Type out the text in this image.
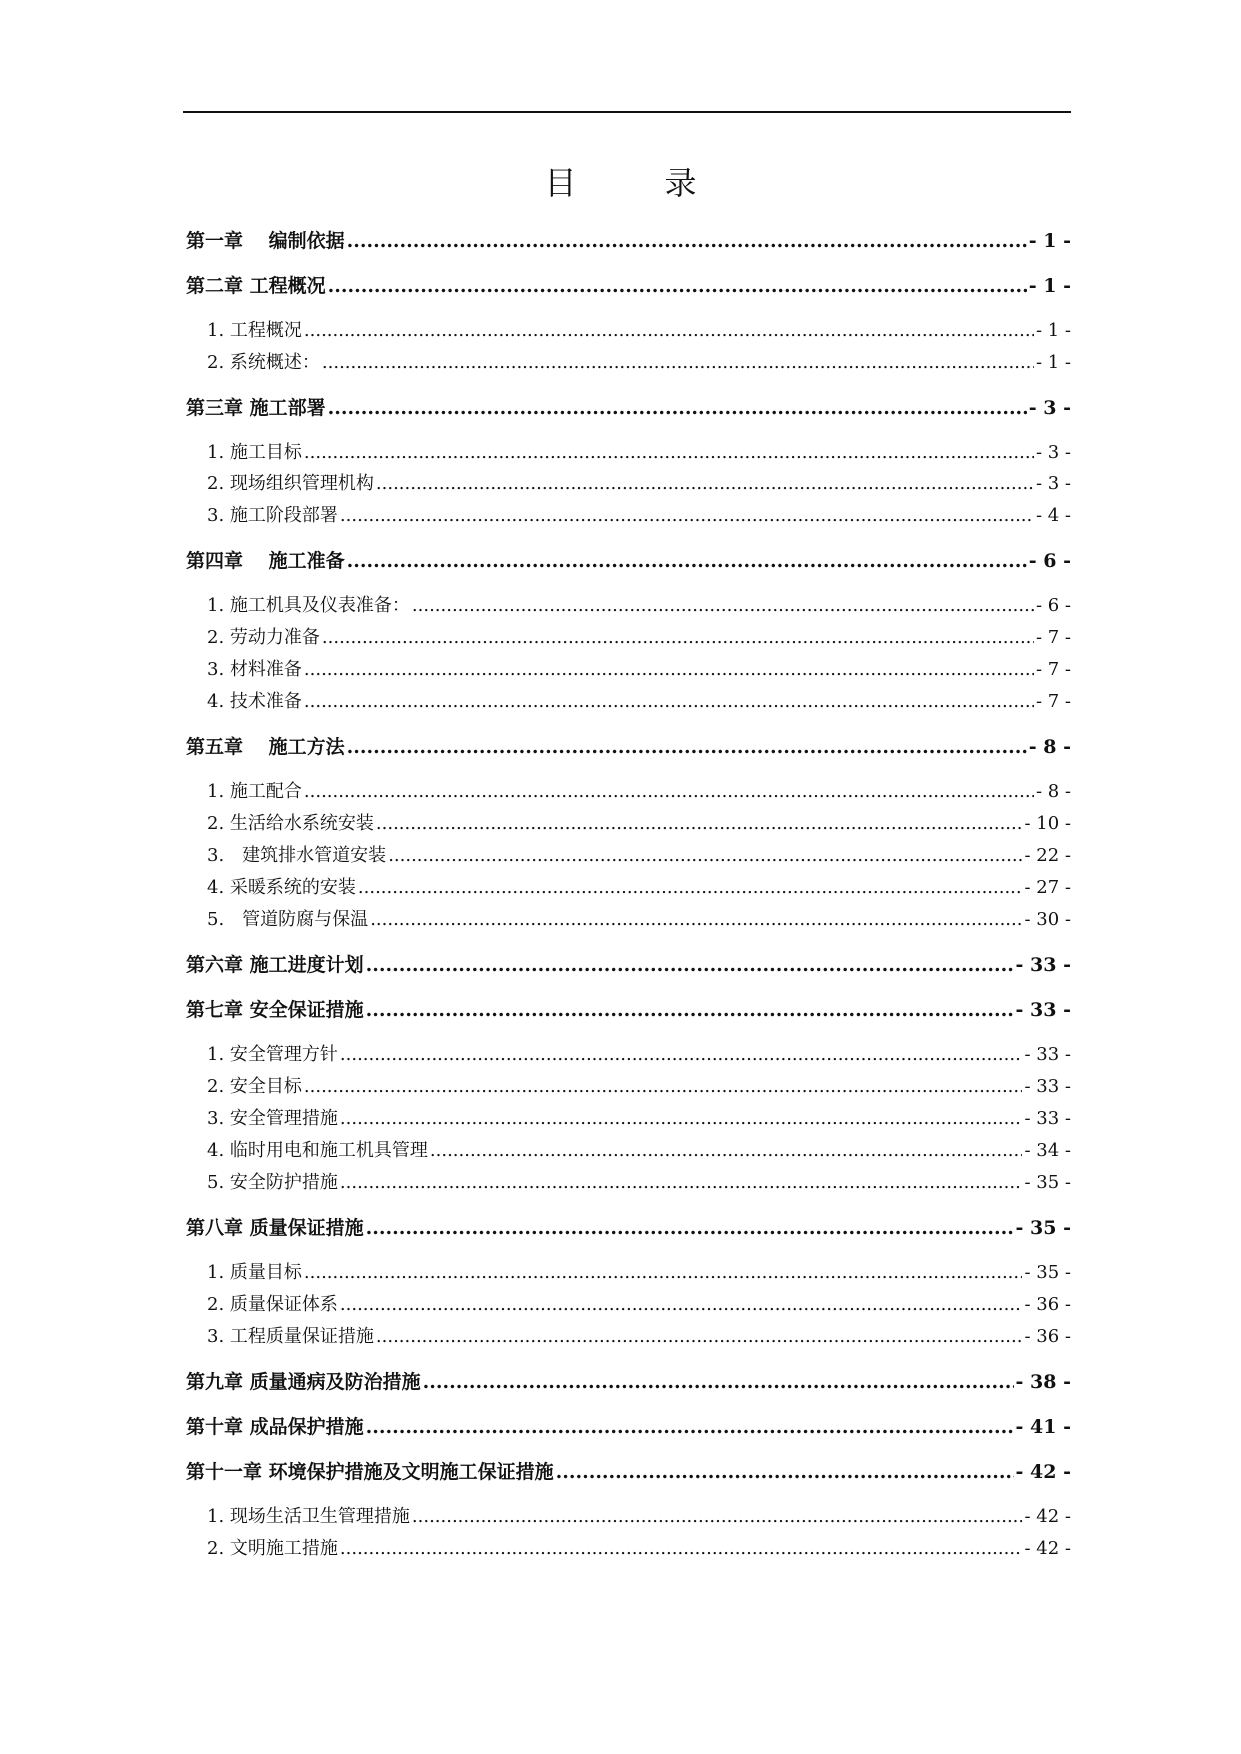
目　录
第一章　 编制依据 .....	- 1 -
第二章 工程概况 .....	- 1 -
1. 工程概况 .....	- 1 -
2. 系统概述： .....	- 1 -
第三章 施工部署 .....	- 3 -
1. 施工目标 .....	- 3 -
2. 现场组织管理机构 .....	- 3 -
3. 施工阶段部署 .....	- 4 -
第四章　 施工准备 .....	- 6 -
1. 施工机具及仪表准备： .....	- 6 -
2. 劳动力准备 .....	- 7 -
3. 材料准备 .....	- 7 -
4. 技术准备 .....	- 7 -
第五章　 施工方法 .....	- 8 -
1. 施工配合 .....	- 8 -
2. 生活给水系统安装 .....	- 10 -
3.　建筑排水管道安装 .....	- 22 -
4. 采暖系统的安装 .....	- 27 -
5.　管道防腐与保温 .....	- 30 -
第六章 施工进度计划 .....	- 33 -
第七章 安全保证措施 .....	- 33 -
1. 安全管理方针 .....	- 33 -
2. 安全目标 .....	- 33 -
3. 安全管理措施 .....	- 33 -
4. 临时用电和施工机具管理 .....	- 34 -
5. 安全防护措施 .....	- 35 -
第八章 质量保证措施 .....	- 35 -
1. 质量目标 .....	- 35 -
2. 质量保证体系 .....	- 36 -
3. 工程质量保证措施 .....	- 36 -
第九章 质量通病及防治措施 .....	- 38 -
第十章 成品保护措施 .....	- 41 -
第十一章 环境保护措施及文明施工保证措施 .....	- 42 -
1. 现场生活卫生管理措施 .....	- 42 -
2. 文明施工措施 .....	- 42 -
